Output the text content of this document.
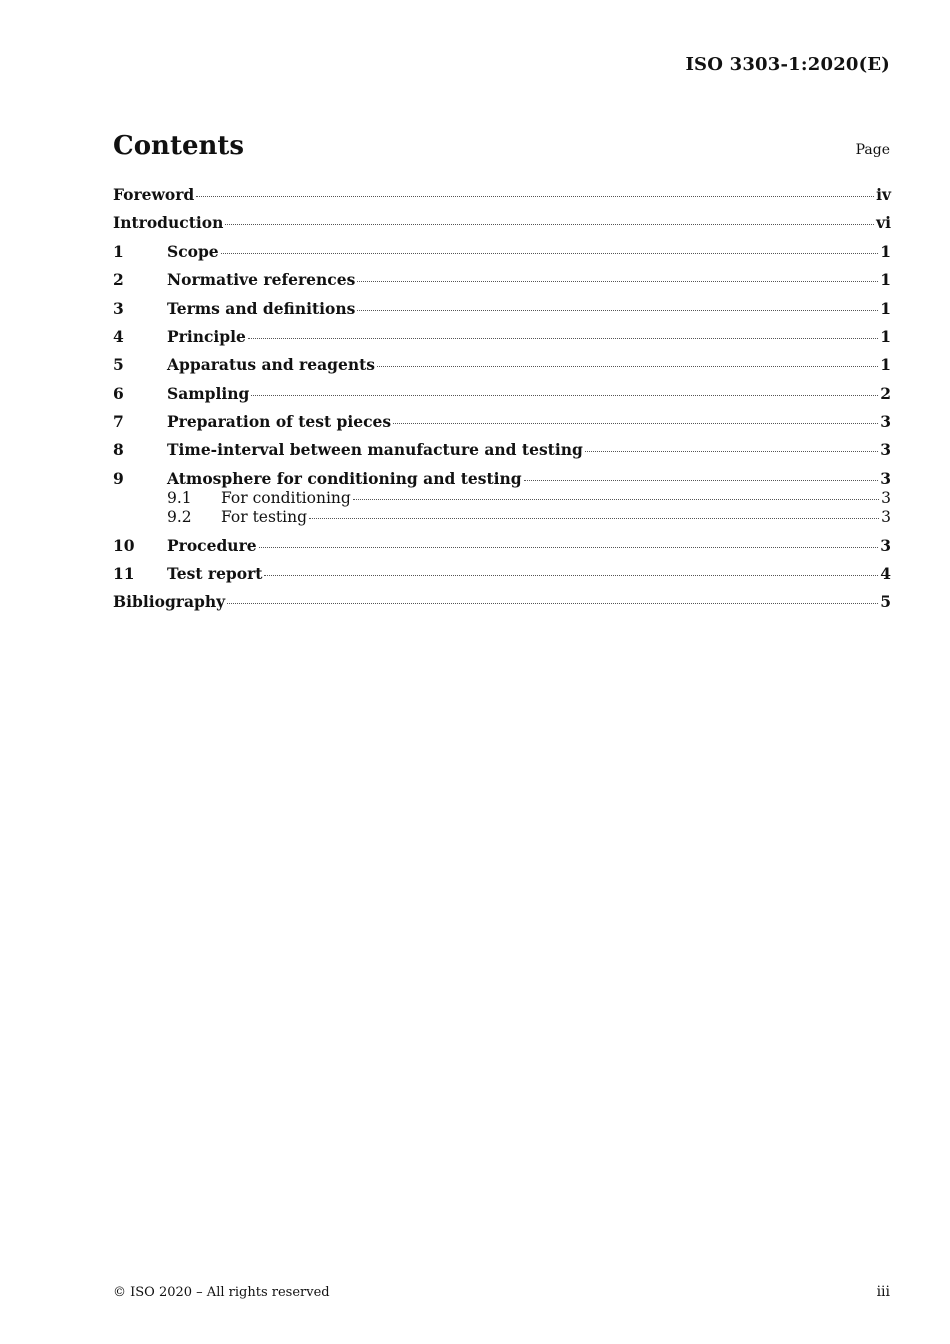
ISO 3303-1:2020(E)
Contents	Page
Foreword	iv
Introduction	vi
1	Scope	1
2	Normative references	1
3	Terms and definitions	1
4	Principle	1
5	Apparatus and reagents	1
6	Sampling	2
7	Preparation of test pieces	3
8	Time-interval between manufacture and testing	3
9	Atmosphere for conditioning and testing	3
9.1	For conditioning	3
9.2	For testing	3
10	Procedure	3
11	Test report	4
Bibliography	5
© ISO 2020 – All rights reserved	iii
